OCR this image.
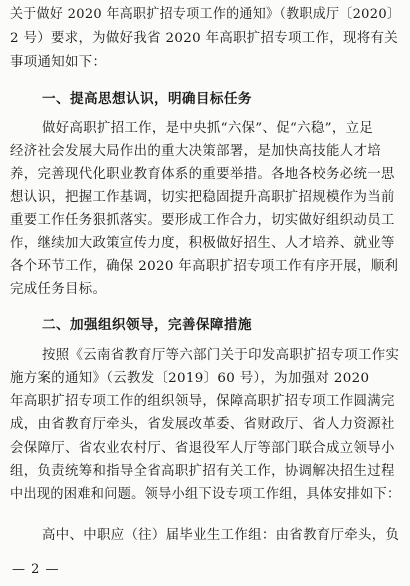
关于做好 2020 年高职扩招专项工作的通知》（教职成厅〔2020〕
2 号）要求，为做好我省 2020 年高职扩招专项工作，现将有关
事项通知如下：
一、提高思想认识，明确目标任务
做好高职扩招工作，是中央抓“六保”、促“六稳”，立足
经济社会发展大局作出的重大决策部署，是加快高技能人才培
养，完善现代化职业教育体系的重要举措。各地各校务必统一思
想认识，把握工作基调，切实把稳固提升高职扩招规模作为当前
重要工作任务狠抓落实。要形成工作合力，切实做好组织动员工
作，继续加大政策宣传力度，积极做好招生、人才培养、就业等
各个环节工作，确保 2020 年高职扩招专项工作有序开展，顺利
完成任务目标。
二、加强组织领导，完善保障措施
按照《云南省教育厅等六部门关于印发高职扩招专项工作实
施方案的通知》（云教发〔2019〕60 号），为加强对 2020
年高职扩招专项工作的组织领导，保障高职扩招专项工作圆满完
成，由省教育厅牵头，省发展改革委、省财政厅、省人力资源社
会保障厅、省农业农村厅、省退役军人厅等部门联合成立领导小
组，负责统筹和指导全省高职扩招有关工作，协调解决招生过程
中出现的困难和问题。领导小组下设专项工作组，具体安排如下：
高中、中职应（往）届毕业生工作组：由省教育厅牵头，负
— 2 —
